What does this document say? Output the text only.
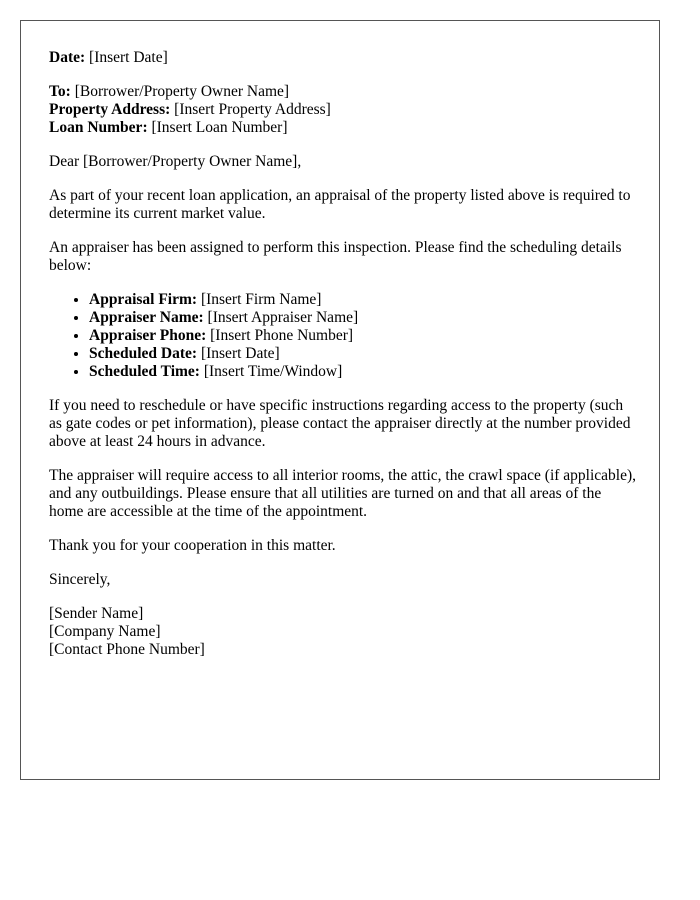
Date: [Insert Date]

To: [Borrower/Property Owner Name]
Property Address: [Insert Property Address]
Loan Number: [Insert Loan Number]

Dear [Borrower/Property Owner Name],

As part of your recent loan application, an appraisal of the property listed above is required to determine its current market value.

An appraiser has been assigned to perform this inspection. Please find the scheduling details below:

• Appraisal Firm: [Insert Firm Name]
• Appraiser Name: [Insert Appraiser Name]
• Appraiser Phone: [Insert Phone Number]
• Scheduled Date: [Insert Date]
• Scheduled Time: [Insert Time/Window]

If you need to reschedule or have specific instructions regarding access to the property (such as gate codes or pet information), please contact the appraiser directly at the number provided above at least 24 hours in advance.

The appraiser will require access to all interior rooms, the attic, the crawl space (if applicable), and any outbuildings. Please ensure that all utilities are turned on and that all areas of the home are accessible at the time of the appointment.

Thank you for your cooperation in this matter.

Sincerely,

[Sender Name]
[Company Name]
[Contact Phone Number]
